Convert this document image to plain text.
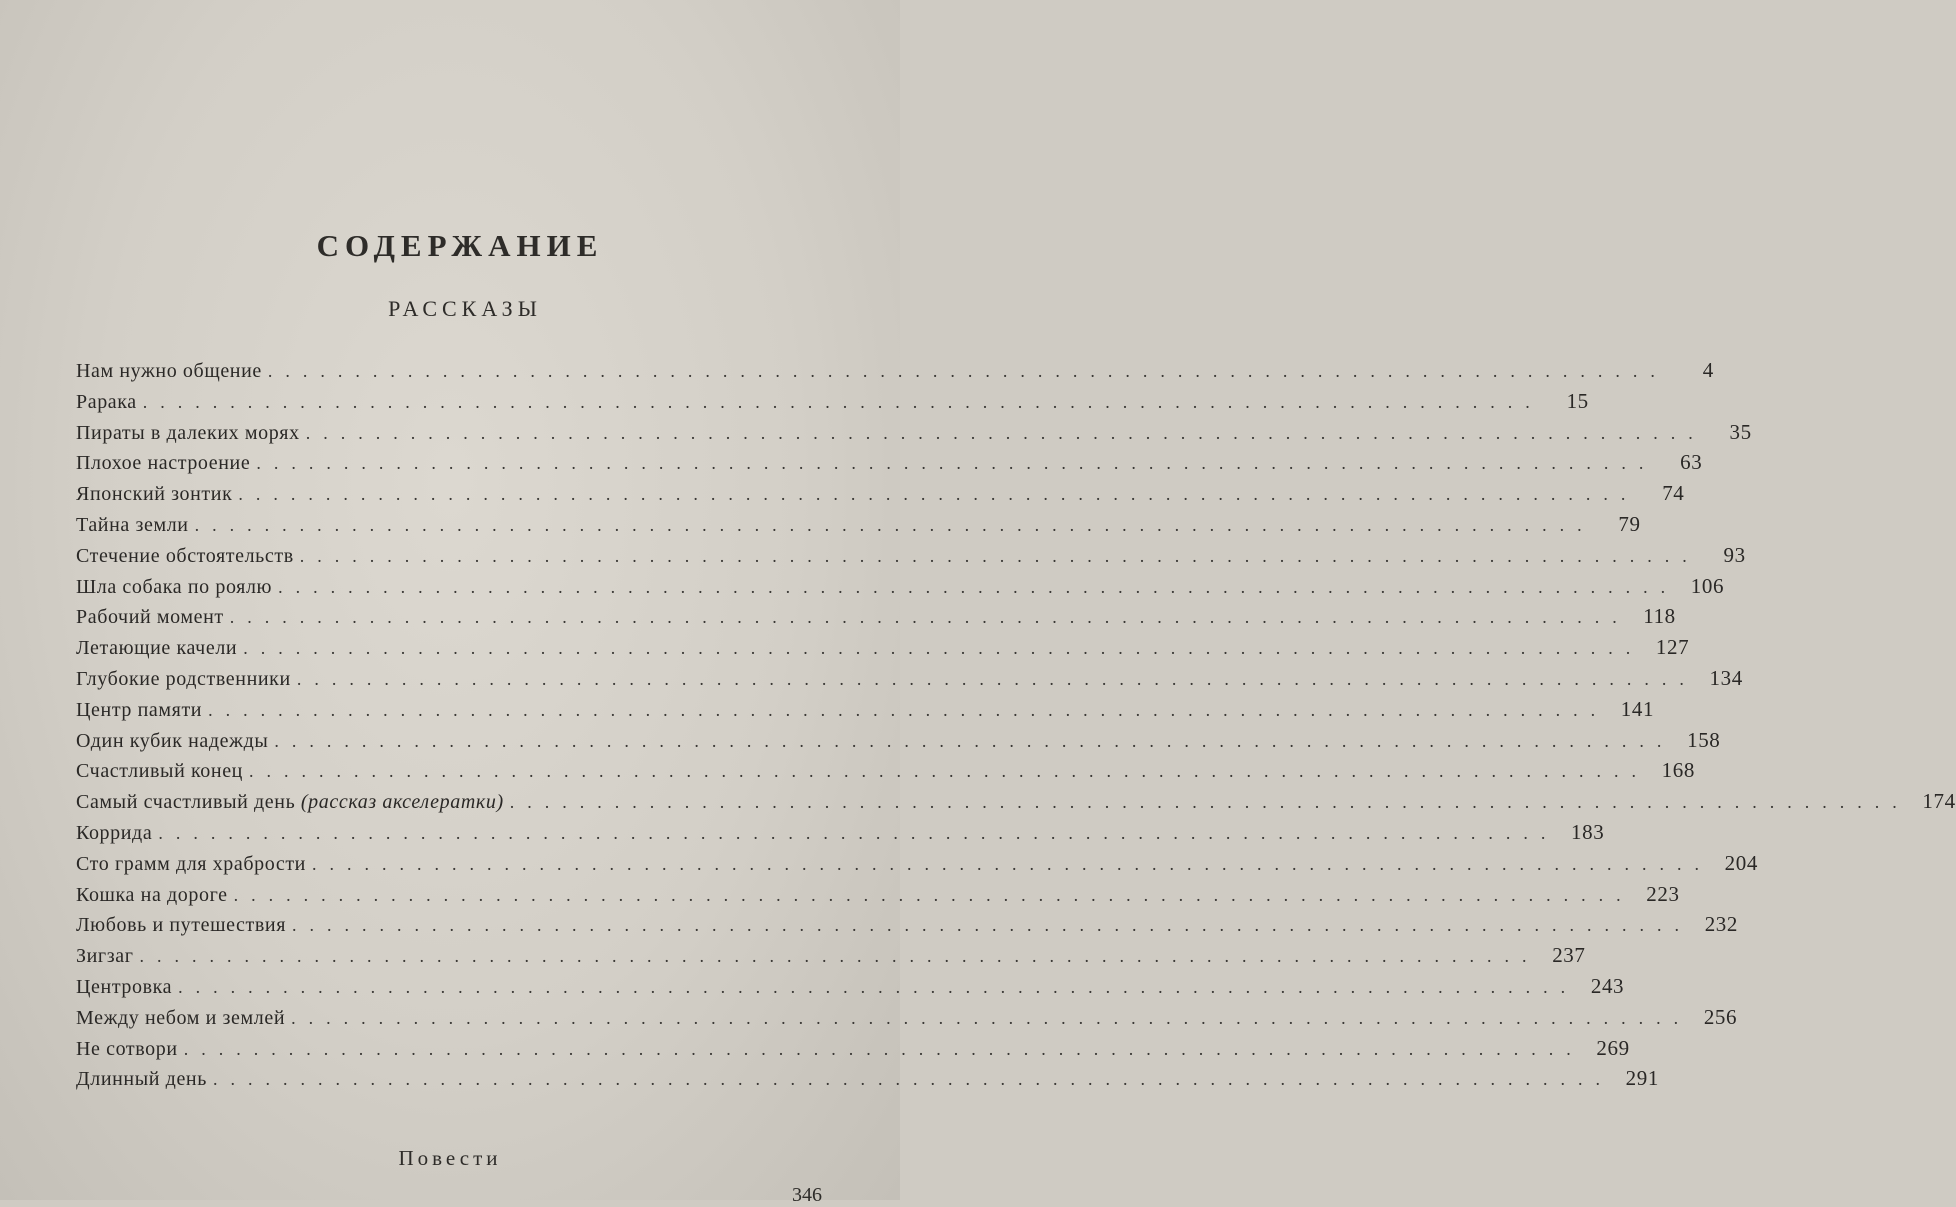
СОДЕРЖАНИЕ
РАССКАЗЫ
Нам нужно общение ................................................................................	4
Рарака ................................................................................	15
Пираты в далеких морях ................................................................................	35
Плохое настроение ................................................................................	63
Японский зонтик ................................................................................	74
Тайна земли ................................................................................	79
Стечение обстоятельств ................................................................................	93
Шла собака по роялю ................................................................................ 106
Рабочий момент ................................................................................ 118
Летающие качели ................................................................................ 127
Глубокие родственники ................................................................................ 134
Центр памяти ................................................................................ 141
Один кубик надежды ................................................................................ 158
Счастливый конец ................................................................................ 168
Самый счастливый день (рассказ акселератки) ................................................................................ 174
Коррида ................................................................................ 183
Сто грамм для храбрости ................................................................................ 204
Кошка на дороге ................................................................................ 223
Любовь и путешествия ................................................................................ 232
Зигзаг ................................................................................ 237
Центровка ................................................................................ 243
Между небом и землей ................................................................................ 256
Не сотвори ................................................................................ 269
Длинный день ................................................................................ 291
Повести
346
